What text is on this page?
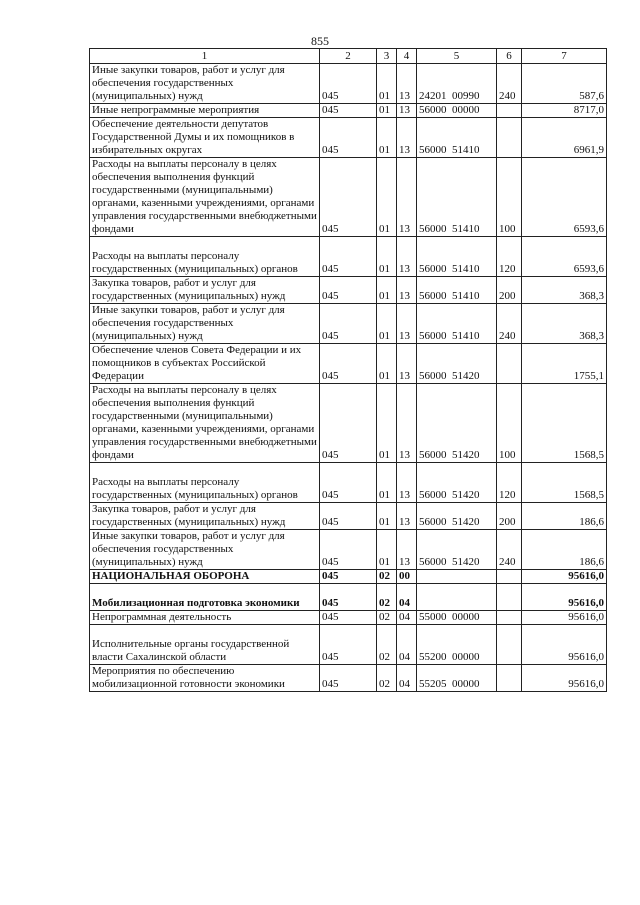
855
1	2	3	4	5	6	7
Иные закупки товаров, работ и услуг для обеспечения государственных (муниципальных) нужд	045	01	13	24201  00990	240	587,6
Иные непрограммные мероприятия	045	01	13	56000  00000		8717,0
Обеспечение деятельности депутатов Государственной Думы и их помощников в избирательных округах	045	01	13	56000  51410		6961,9
Расходы на выплаты персоналу в целях обеспечения выполнения функций государственными (муниципальными) органами, казенными учреждениями, органами управления государственными внебюджетными фондами	045	01	13	56000  51410	100	6593,6
Расходы на выплаты персоналу государственных (муниципальных) органов	045	01	13	56000  51410	120	6593,6
Закупка товаров, работ и услуг для государственных (муниципальных) нужд	045	01	13	56000  51410	200	368,3
Иные закупки товаров, работ и услуг для обеспечения государственных (муниципальных) нужд	045	01	13	56000  51410	240	368,3
Обеспечение членов Совета Федерации и их помощников в субъектах Российской Федерации	045	01	13	56000  51420		1755,1
Расходы на выплаты персоналу в целях обеспечения выполнения функций государственными (муниципальными) органами, казенными учреждениями, органами управления государственными внебюджетными фондами	045	01	13	56000  51420	100	1568,5
Расходы на выплаты персоналу государственных (муниципальных) органов	045	01	13	56000  51420	120	1568,5
Закупка товаров, работ и услуг для государственных (муниципальных) нужд	045	01	13	56000  51420	200	186,6
Иные закупки товаров, работ и услуг для обеспечения государственных (муниципальных) нужд	045	01	13	56000  51420	240	186,6
НАЦИОНАЛЬНАЯ ОБОРОНА	045	02	00			95616,0
Мобилизационная подготовка экономики	045	02	04			95616,0
Непрограммная деятельность	045	02	04	55000  00000		95616,0
Исполнительные органы государственной власти Сахалинской области	045	02	04	55200  00000		95616,0
Мероприятия по обеспечению мобилизационной готовности экономики	045	02	04	55205  00000		95616,0
